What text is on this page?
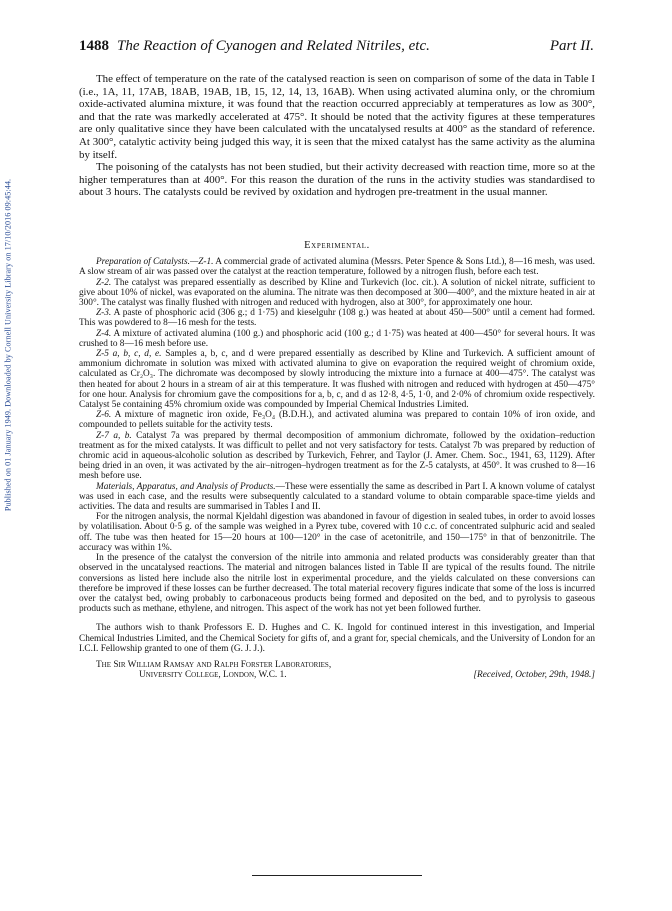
Published on 01 January 1949. Downloaded by Cornell University Library on 17/10/2016 09:45:44.
1488 The Reaction of Cyanogen and Related Nitriles, etc.	Part II.

The effect of temperature on the rate of the catalysed reaction is seen on comparison of some of the data in Table I (i.e., 1A, 11, 17AB, 18AB, 19AB, 1B, 15, 12, 14, 13, 16AB). When using activated alumina only, or the chromium oxide-activated alumina mixture, it was found that the reaction occurred appreciably at temperatures as low as 300°, and that the rate was markedly accelerated at 475°. It should be noted that the activity figures at these temperatures are only qualitative since they have been calculated with the uncatalysed results at 400° as the standard of reference. At 300°, catalytic activity being judged this way, it is seen that the mixed catalyst has the same activity as the alumina by itself.

The poisoning of the catalysts has not been studied, but their activity decreased with reaction time, more so at the higher temperatures than at 400°. For this reason the duration of the runs in the activity studies was standardised to about 3 hours. The catalysts could be revived by oxidation and hydrogen pre-treatment in the usual manner.

Experimental.

Preparation of Catalysts.—Z-1. A commercial grade of activated alumina (Messrs. Peter Spence & Sons Ltd.), 8—16 mesh, was used. A slow stream of air was passed over the catalyst at the reaction temperature, followed by a nitrogen flush, before each test.

Z-2. The catalyst was prepared essentially as described by Kline and Turkevich (loc. cit.). A solution of nickel nitrate, sufficient to give about 10% of nickel, was evaporated on the alumina. The nitrate was then decomposed at 300—400°, and the mixture heated in air at 300°. The catalyst was finally flushed with nitrogen and reduced with hydrogen, also at 300°, for approximately one hour.

Z-3. A paste of phosphoric acid (306 g.; d 1·75) and kieselguhr (108 g.) was heated at about 450—500° until a cement had formed. This was powdered to 8—16 mesh for the tests.

Z-4. A mixture of activated alumina (100 g.) and phosphoric acid (100 g.; d 1·75) was heated at 400—450° for several hours. It was crushed to 8—16 mesh before use.

Z-5 a, b, c, d, e. Samples a, b, c, and d were prepared essentially as described by Kline and Turkevich. A sufficient amount of ammonium dichromate in solution was mixed with activated alumina to give on evaporation the required weight of chromium oxide, calculated as Cr₂O₃. The dichromate was decomposed by slowly introducing the mixture into a furnace at 400—475°. The catalyst was then heated for about 2 hours in a stream of air at this temperature. It was flushed with nitrogen and reduced with hydrogen at 450—475° for one hour. Analysis for chromium gave the compositions for a, b, c, and d as 12·8, 4·5, 1·0, and 2·0% of chromium oxide respectively. Catalyst 5e containing 45% chromium oxide was compounded by Imperial Chemical Industries Limited.

Z-6. A mixture of magnetic iron oxide, Fe₃O₄ (B.D.H.), and activated alumina was prepared to contain 10% of iron oxide, and compounded to pellets suitable for the activity tests.

Z-7 a, b. Catalyst 7a was prepared by thermal decomposition of ammonium dichromate, followed by the oxidation–reduction treatment as for the mixed catalysts. It was difficult to pellet and not very satisfactory for tests. Catalyst 7b was prepared by reduction of chromic acid in aqueous-alcoholic solution as described by Turkevich, Fehrer, and Taylor (J. Amer. Chem. Soc., 1941, 63, 1129). After being dried in an oven, it was activated by the air–nitrogen–hydrogen treatment as for the Z-5 catalysts, at 450°. It was crushed to 8—16 mesh before use.

Materials, Apparatus, and Analysis of Products.—These were essentially the same as described in Part I. A known volume of catalyst was used in each case, and the results were subsequently calculated to a standard volume to obtain comparable space-time yields and activities. The data and results are summarised in Tables I and II.

For the nitrogen analysis, the normal Kjeldahl digestion was abandoned in favour of digestion in sealed tubes, in order to avoid losses by volatilisation. About 0·5 g. of the sample was weighed in a Pyrex tube, covered with 10 c.c. of concentrated sulphuric acid and sealed off. The tube was then heated for 15—20 hours at 100—120° in the case of acetonitrile, and 150—175° in that of benzonitrile. The accuracy was within 1%.

In the presence of the catalyst the conversion of the nitrile into ammonia and related products was considerably greater than that observed in the uncatalysed reactions. The material and nitrogen balances listed in Table II are typical of the results found. The nitrile conversions as listed here include also the nitrile lost in experimental procedure, and the yields calculated on these conversions can therefore be improved if these losses can be further decreased. The total material recovery figures indicate that some of the loss is incurred over the catalyst bed, owing probably to carbonaceous products being formed and deposited on the bed, and to pyrolysis to gaseous products such as methane, ethylene, and nitrogen. This aspect of the work has not yet been followed further.

The authors wish to thank Professors E. D. Hughes and C. K. Ingold for continued interest in this investigation, and Imperial Chemical Industries Limited, and the Chemical Society for gifts of, and a grant for, special chemicals, and the University of London for an I.C.I. Fellowship granted to one of them (G. J. J.).

The Sir William Ramsay and Ralph Forster Laboratories,
University College, London, W.C. 1.	[Received, October, 29th, 1948.]
